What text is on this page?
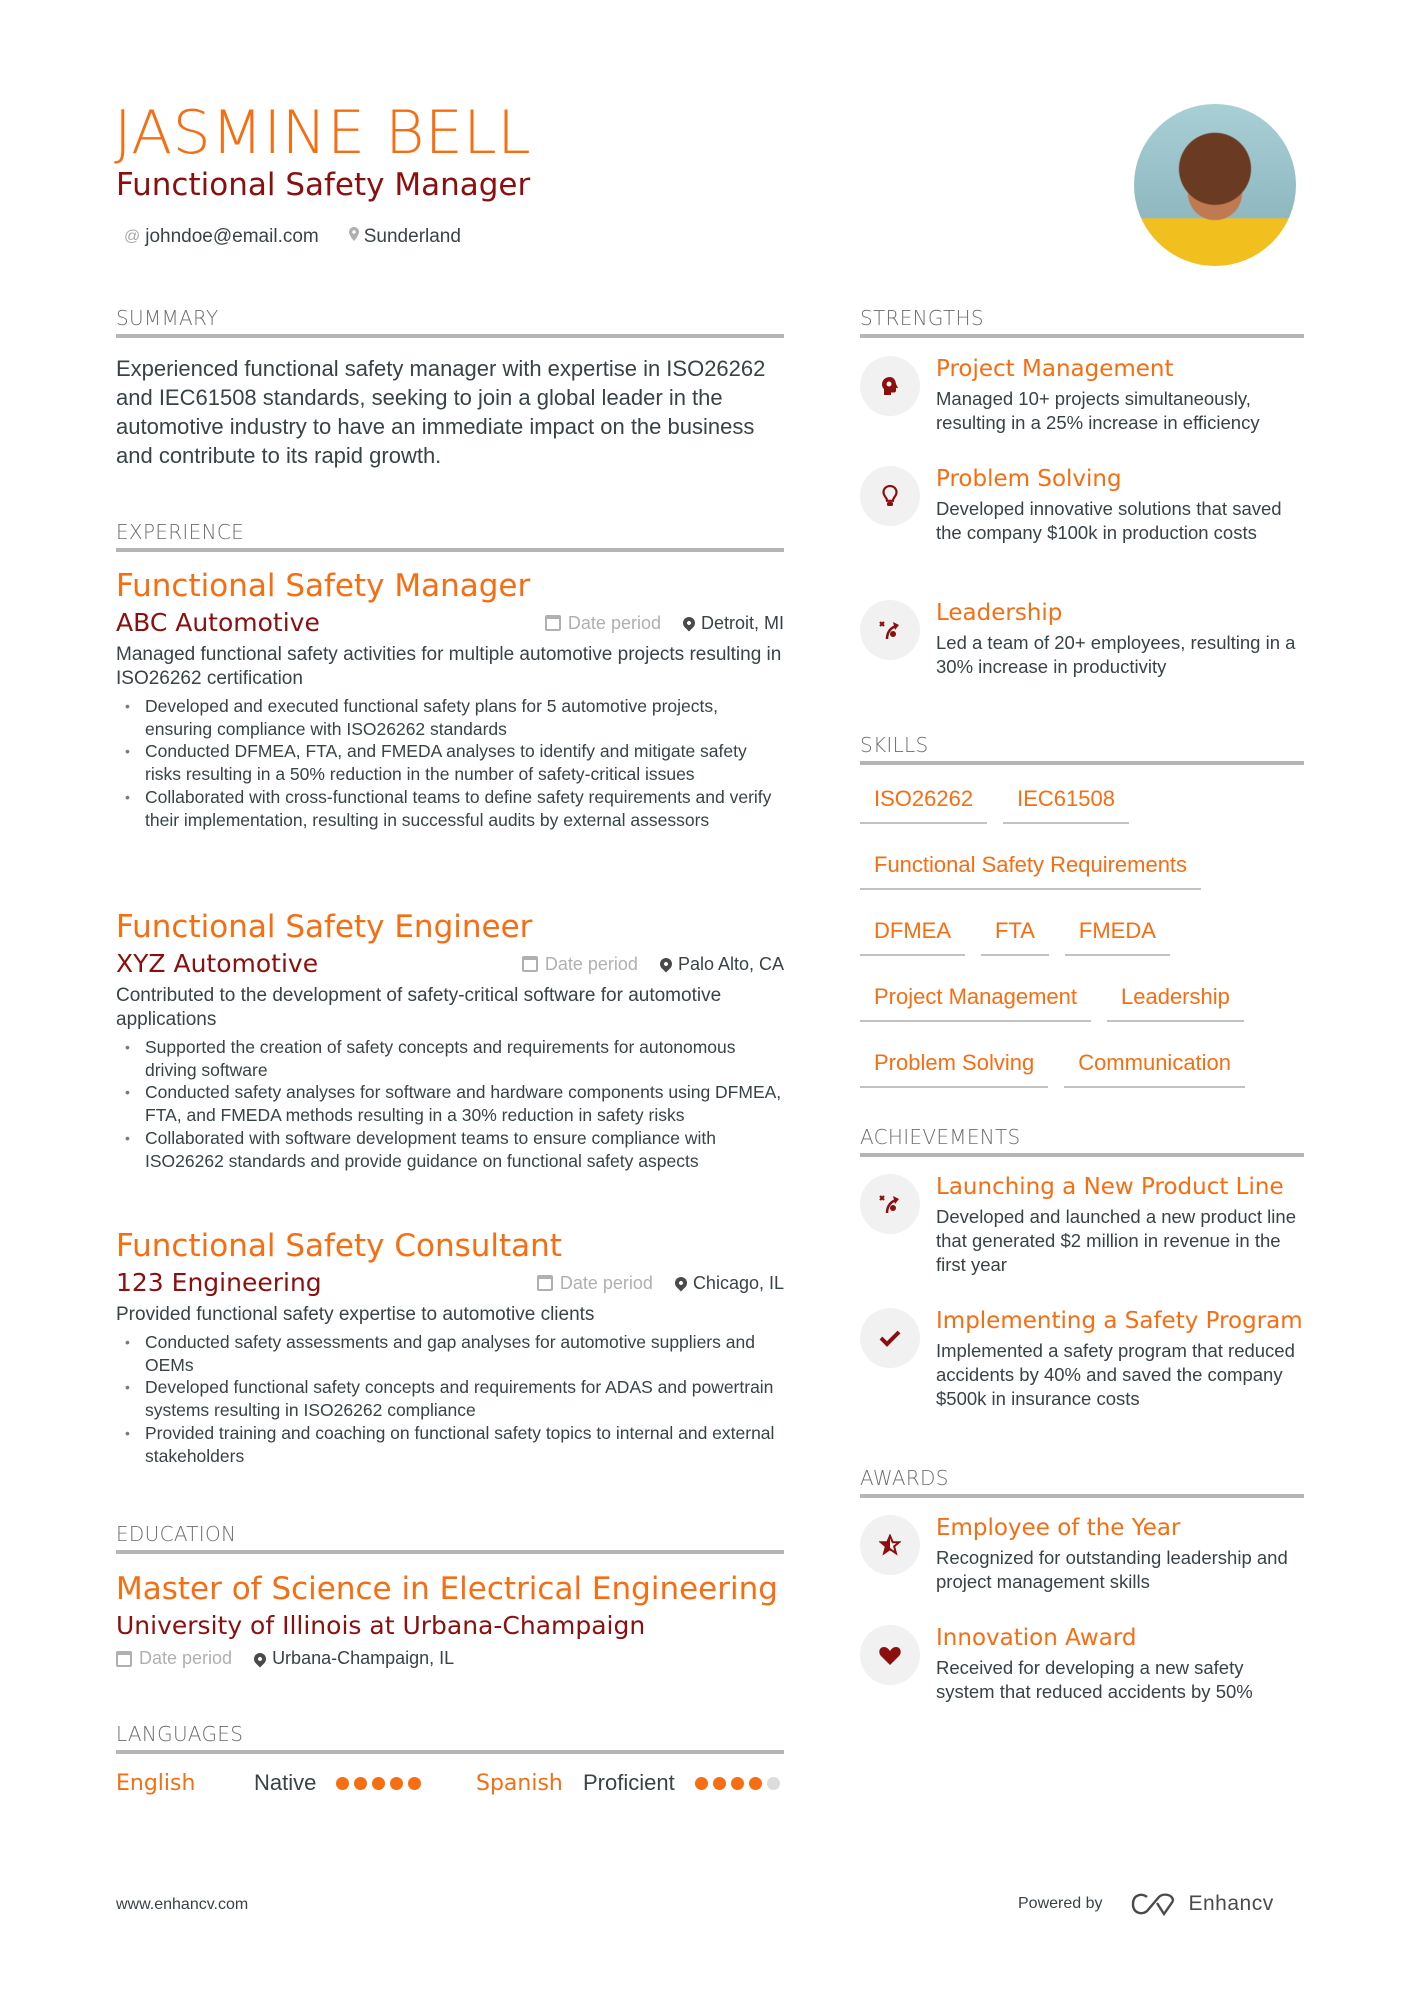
JASMINE BELL
Functional Safety Manager
@ johndoe@email.com Sunderland
SUMMARY
Experienced functional safety manager with expertise in ISO26262 and IEC61508 standards, seeking to join a global leader in the automotive industry to have an immediate impact on the business and contribute to its rapid growth.
EXPERIENCE
Functional Safety Manager
ABC Automotive	Date period Detroit, MI
Managed functional safety activities for multiple automotive projects resulting in ISO26262 certification
• Developed and executed functional safety plans for 5 automotive projects, ensuring compliance with ISO26262 standards
• Conducted DFMEA, FTA, and FMEDA analyses to identify and mitigate safety risks resulting in a 50% reduction in the number of safety-critical issues
• Collaborated with cross-functional teams to define safety requirements and verify their implementation, resulting in successful audits by external assessors
Functional Safety Engineer
XYZ Automotive	Date period Palo Alto, CA
Contributed to the development of safety-critical software for automotive applications
• Supported the creation of safety concepts and requirements for autonomous driving software
• Conducted safety analyses for software and hardware components using DFMEA, FTA, and FMEDA methods resulting in a 30% reduction in safety risks
• Collaborated with software development teams to ensure compliance with ISO26262 standards and provide guidance on functional safety aspects
Functional Safety Consultant
123 Engineering	Date period Chicago, IL
Provided functional safety expertise to automotive clients
• Conducted safety assessments and gap analyses for automotive suppliers and OEMs
• Developed functional safety concepts and requirements for ADAS and powertrain systems resulting in ISO26262 compliance
• Provided training and coaching on functional safety topics to internal and external stakeholders
EDUCATION
Master of Science in Electrical Engineering
University of Illinois at Urbana-Champaign
Date period Urbana-Champaign, IL
LANGUAGES
English	Native	Spanish Proficient
STRENGTHS
Project Management
Managed 10+ projects simultaneously, resulting in a 25% increase in efficiency
Problem Solving
Developed innovative solutions that saved the company $100k in production costs
Leadership
Led a team of 20+ employees, resulting in a 30% increase in productivity
SKILLS
ISO26262	IEC61508
Functional Safety Requirements
DFMEA	FTA	FMEDA
Project Management	Leadership
Problem Solving	Communication
ACHIEVEMENTS
Launching a New Product Line
Developed and launched a new product line that generated $2 million in revenue in the first year
Implementing a Safety Program
Implemented a safety program that reduced accidents by 40% and saved the company $500k in insurance costs
AWARDS
Employee of the Year
Recognized for outstanding leadership and project management skills
Innovation Award
Received for developing a new safety system that reduced accidents by 50%
www.enhancv.com	Powered by	Enhancv
